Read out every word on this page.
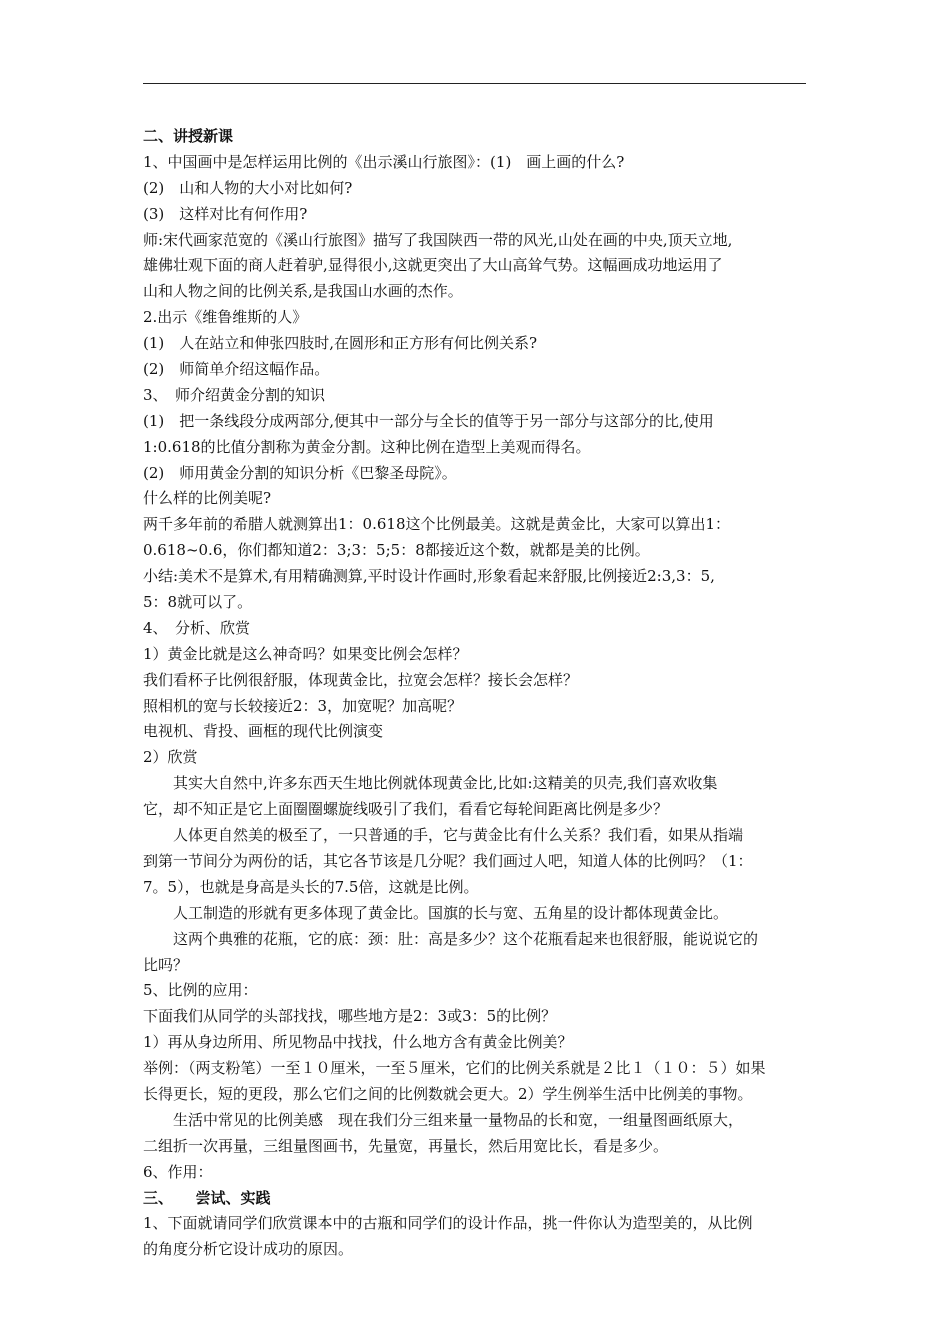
二、讲授新课
1、中国画中是怎样运用比例的《出示溪山行旅图》：(1)　画上画的什么?
(2)　山和人物的大小对比如何?
(3)　这样对比有何作用?
师:宋代画家范宽的《溪山行旅图》描写了我国陕西一带的风光,山处在画的中央,顶天立地,
雄佛壮观下面的商人赶着驴,显得很小,这就更突出了大山高耸气势。这幅画成功地运用了
山和人物之间的比例关系,是我国山水画的杰作。
2.出示《维鲁维斯的人》
(1)　人在站立和伸张四肢时,在圆形和正方形有何比例关系?
(2)　师简单介绍这幅作品。
3、　师介绍黄金分割的知识
(1)　把一条线段分成两部分,便其中一部分与全长的值等于另一部分与这部分的比,使用
1:0.618的比值分割称为黄金分割。这种比例在造型上美观而得名。
(2)　师用黄金分割的知识分析《巴黎圣母院》。
什么样的比例美呢?
两千多年前的希腊人就测算出1：0.618这个比例最美。这就是黄金比，大家可以算出1：
0.618~0.6，你们都知道2：3;3：5;5：8都接近这个数，就都是美的比例。
小结:美术不是算术,有用精确测算,平时设计作画时,形象看起来舒服,比例接近2:3,3：5,
5：8就可以了。
4、　分析、欣赏
1）黄金比就是这么神奇吗？如果变比例会怎样？
我们看杯子比例很舒服，体现黄金比，拉宽会怎样？接长会怎样？
照相机的宽与长较接近2：3，加宽呢？加高呢？
电视机、背投、画框的现代比例演变
2）欣赏
其实大自然中,许多东西天生地比例就体现黄金比,比如:这精美的贝壳,我们喜欢收集
它，却不知正是它上面圈圈螺旋线吸引了我们，看看它每轮间距离比例是多少？
人体更自然美的极至了，一只普通的手，它与黄金比有什么关系？我们看，如果从指端
到第一节间分为两份的话，其它各节该是几分呢？我们画过人吧，知道人体的比例吗？（1：
7。5），也就是身高是头长的7.5倍，这就是比例。
人工制造的形就有更多体现了黄金比。国旗的长与宽、五角星的设计都体现黄金比。
这两个典雅的花瓶，它的底：颈：肚：高是多少？这个花瓶看起来也很舒服，能说说它的
比吗？
5、比例的应用：
下面我们从同学的头部找找，哪些地方是2：3或3：5的比例？
1）再从身边所用、所见物品中找找，什么地方含有黄金比例美？
举例：（两支粉笔）一至１０厘米，一至５厘米，它们的比例关系就是２比１（１０：５）如果
长得更长，短的更段，那么它们之间的比例数就会更大。2）学生例举生活中比例美的事物。
生活中常见的比例美感　现在我们分三组来量一量物品的长和宽，一组量图画纸原大，
二组折一次再量，三组量图画书，先量宽，再量长，然后用宽比长，看是多少。
6、作用：
三、　　尝试、实践
1、下面就请同学们欣赏课本中的古瓶和同学们的设计作品，挑一件你认为造型美的，从比例
的角度分析它设计成功的原因。
